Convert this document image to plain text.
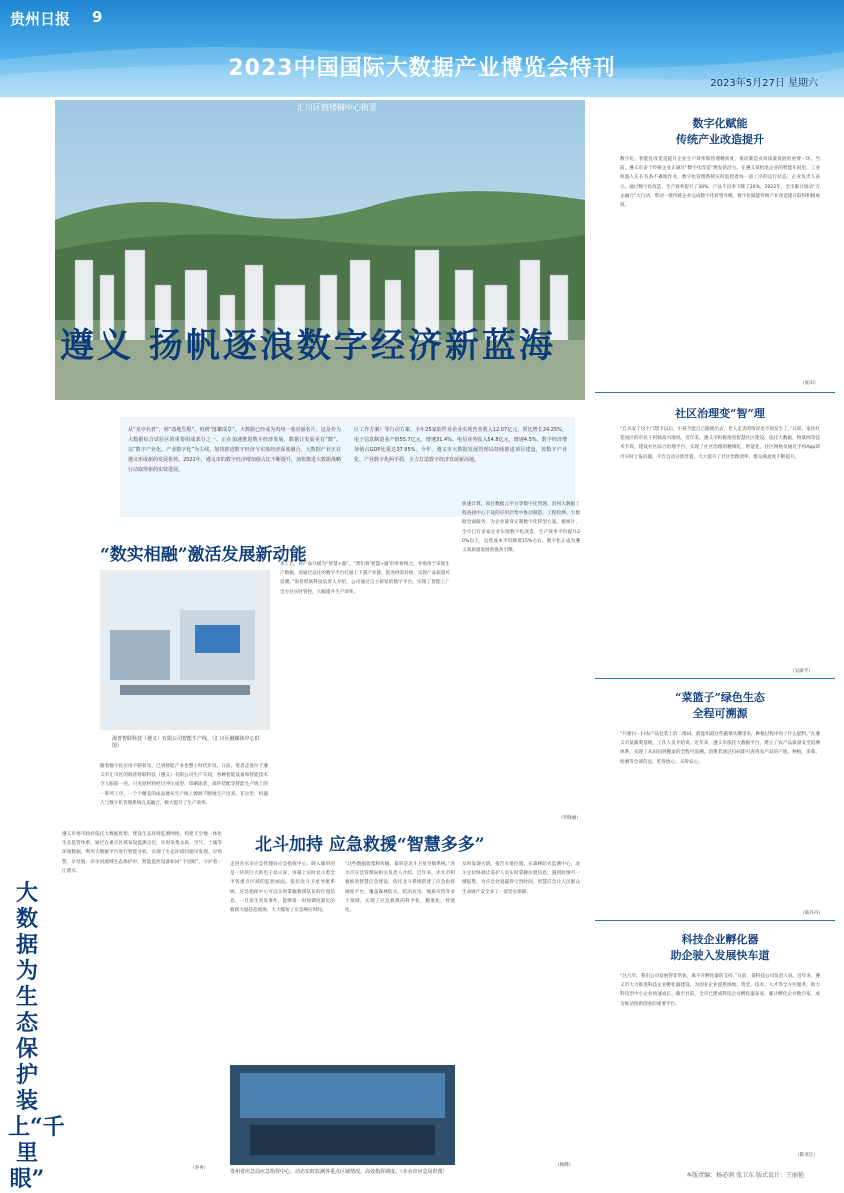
贵州日报 9
2023中国国际大数据产业博览会特刊
2023年5月27日 星期六
汇川区鼓楼铺中心街景
遵义 扬帆逐浪数字经济新蓝海
从“龙亭名肴”，到“落地生根”，再到“落繁成景”，大数据已经成为贵州一张亮丽名片。这是作为大数据综合试验区的重要组成部分之一，正在加速推进数字经济发展，数据让发展更有“数”。以“数字产业化、产业数字化”为主线，加快推进数字经济与实体经济深度融合，大数据产业正在遵义形成新的发展优势。2022年，遵义市的数字经济增加值占比不断提升，加快推进大数据战略行动取得新的实效进展。
区工作方案》等行动方案。全年25家软件业企业实现营业收入12.07亿元，同比增长24.25%，电子信息制造业产值55.7亿元，增速31.4%。电信业务收入54.8亿元，增速4.5%。数字经济增加值占GDP比重达37.95%。今年，遵义市大数据发展管理局持续推进项目建设，按数字产业化、产业数字化两手抓，全力打造数字经济发展新高地。
“数实相融”激活发展新动能
海普智联科技（遵义）有限公司智能生产线。（汇川区融媒体中心供图）
随着数字化应用不断普及，已到智能产业也整上时代步伐。日前，笔者走进位于遵义市汇川区的海普智联科技（遵义）有限公司生产车间，各种智能设备和智能技术令人眼前一亮。只见原材料经过冲压成型、印刷涂装、部件装配等智能生产线上的一系列工序，一个个精美的成品便从生产线上源源不断地生产出来。在这里，机器人与数字化管理系统完美融合，极大提升了生产效率。
术工艺，将产品升级为“智慧+器”。“我们将‘智慧+器’的外协组合，外购用于采集生产数据，再通过以往的数字平台打通上下游产业链，促进供需对接，实现产品质量可追溯。”海普智联科技负责人介绍，公司通过自主研发的数字平台，实现了智能工厂全方位实时管控，大幅提升生产效率。
快速计算，项目数据云平台等数字化管理。贵州大数据工程查找中心下设的应用层集中推动制造、工程检测、大数据全面服务，为企业量身定制数字化转型方案。据统计，全市已有多家企业实现数字化改造，生产效率平均提升20%以上，运营成本平均降低15%左右。数字化正成为遵义高质量发展的强劲引擎。
（罗晓丽）
北斗加持 应急救援“智慧多多”
走进赤水市应急管理局应急指挥中心，映入眼帘的是一块块巨大的电子显示屏，屏幕上实时显示着全市各重点区域的监控画面。依托北斗卫星导航系统，应急指挥中心可以实时掌握救援队伍的位置信息，一旦发生突发事件，能够第一时间调度最近的救援力量赶赴现场，大大缩短了应急响应时间。
“这些数据收集和传输，靠的是北斗卫星导航系统。”赤水市应急管理局相关负责人介绍，近年来，赤水市积极推进智慧应急建设，依托北斗系统搭建了应急指挥调度平台，覆盖森林防火、防汛抗旱、地质灾害等多个领域，实现了应急救援的科学化、精准化、智能化。
及时发现火情，报告火情位置。在森林防火监测中心，北斗定位终端让巡护人员实时掌握位置信息，遇到险情可一键报警，为应急处置赢得宝贵时间。智慧应急让人民群众生命财产安全多了一道坚实保障。
（杨晔）
贵州省应急局应急指挥中心，动态实时监测各重点区域情况，高效指挥调度。（赤水市应急局供图）
大数据为生态保护装上“千里眼”
遵义市委市政府依托大数据优势，建设生态环境监测网络，构建天空地一体化生态监管体系。通过在重点区域布设监测点位，实时采集水质、空气、土壤等环境数据，利用大数据平台进行智能分析，实现了生态环境问题早发现、早预警、早处置。赤水河流域生态保护中，智能监控设备如同“千里眼”，守护着一江碧水。
（李冉）
数字化赋能
传统产业改造提升
数字化、智能化改造是提升企业生产效率和管理精准度、推动制造业高质量发展的重要一环。当前，遵义市多个传统企业正通过“数字化改造”焕发新活力。在遵义某机电企业的智能车间里，工业机器人正在有条不紊地作业，数字化管理系统实时监控着每一道工序的运行状态。企业负责人表示，通过数字化改造，生产效率提升了30%，产品不良率下降了20%。2022年，全市累计推动“万企融合”大行动，带动一批传统企业完成数字化转型升级，数字化赋能传统产业改造提升取得积极成效。
（张田）
社区治理变“智”理
“自从安了这个门禁卡以后，小孩不能自己随便出去，老人走丢的情况也不再发生了。”日前，家住红花岗区的市民王阿姨高兴地说。近年来，遵义市积极推进智慧社区建设，依托大数据、物联网等技术手段，建设社区综合治理平台，实现了社区治理的精细化、智能化。社区网格员通过手机App即可实时上报问题，平台自动分派处置，大大提升了社区治理效率，群众满意度不断提升。
（吴澎平）
“菜篮子”绿色生态
全程可溯源
“只要扫一扫农产品包装上的二维码，就能知道这些蔬菜从哪里来，种植过程中用了什么肥料。”在遵义市某蔬菜基地，工作人员介绍说。近年来，遵义市依托大数据平台，建立了农产品质量安全追溯体系，实现了从田间到餐桌的全程可追溯。消费者通过扫码即可查询农产品的产地、种植、采收、检测等全部信息，吃得放心、买得安心。
（葛丹丹）
科技企业孵化器
助企驶入发展快车道
“这几年，我们公司发展得非常快，离不开孵化器的支持。”日前，某科技公司负责人说。近年来，遵义市大力推进科技企业孵化器建设，为创业企业提供场地、资金、技术、人才等全方位服务，助力科技型中小企业快速成长。截至目前，全市已建成科技企业孵化器多家，累计孵化企业数百家，成为推动创新创业的重要平台。
（陈亚江）
本版责编：杨必润 张卫东 版式设计：王丽艳
